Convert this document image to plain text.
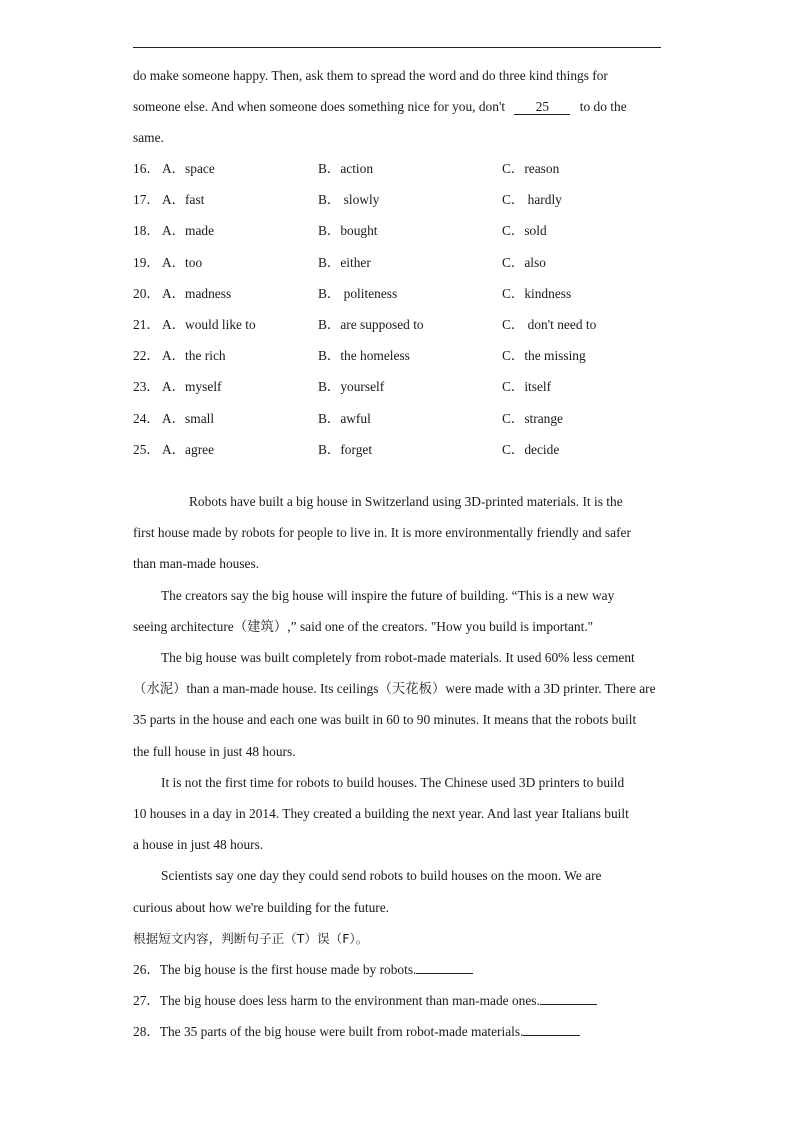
do make someone happy. Then, ask them to spread the word and do three kind things for
someone else. And when someone does something nice for you, don't 25 to do the
same.
16． A．space	B．action	C．reason
17． A．fast	B． slowly	C． hardly
18． A．made	B．bought	C．sold
19． A．too	B．either	C．also
20． A．madness	B． politeness	C．kindness
21． A．would like to	B．are supposed to	C． don't need to
22． A．the rich	B．the homeless	C．the missing
23． A．myself	B．yourself	C．itself
24． A．small	B．awful	C．strange
25． A．agree	B．forget	C．decide
Robots have built a big house in Switzerland using 3D-printed materials. It is the
first house made by robots for people to live in. It is more environmentally friendly and safer
than man-made houses.
The creators say the big house will inspire the future of building. “This is a new way
seeing architecture（建筑）,” said one of the creators. "How you build is important."
The big house was built completely from robot-made materials. It used 60% less cement
（水泥）than a man-made house. Its ceilings（天花板）were made with a 3D printer. There are
35 parts in the house and each one was built in 60 to 90 minutes. It means that the robots built
the full house in just 48 hours.
It is not the first time for robots to build houses. The Chinese used 3D printers to build
10 houses in a day in 2014. They created a building the next year. And last year Italians built
a house in just 48 hours.
Scientists say one day they could send robots to build houses on the moon. We are
curious about how we're building for the future.
根据短文内容，判断句子正（T）误（F）。
26．The big house is the first house made by robots.
27．The big house does less harm to the environment than man-made ones.
28．The 35 parts of the big house were built from robot-made materials.
